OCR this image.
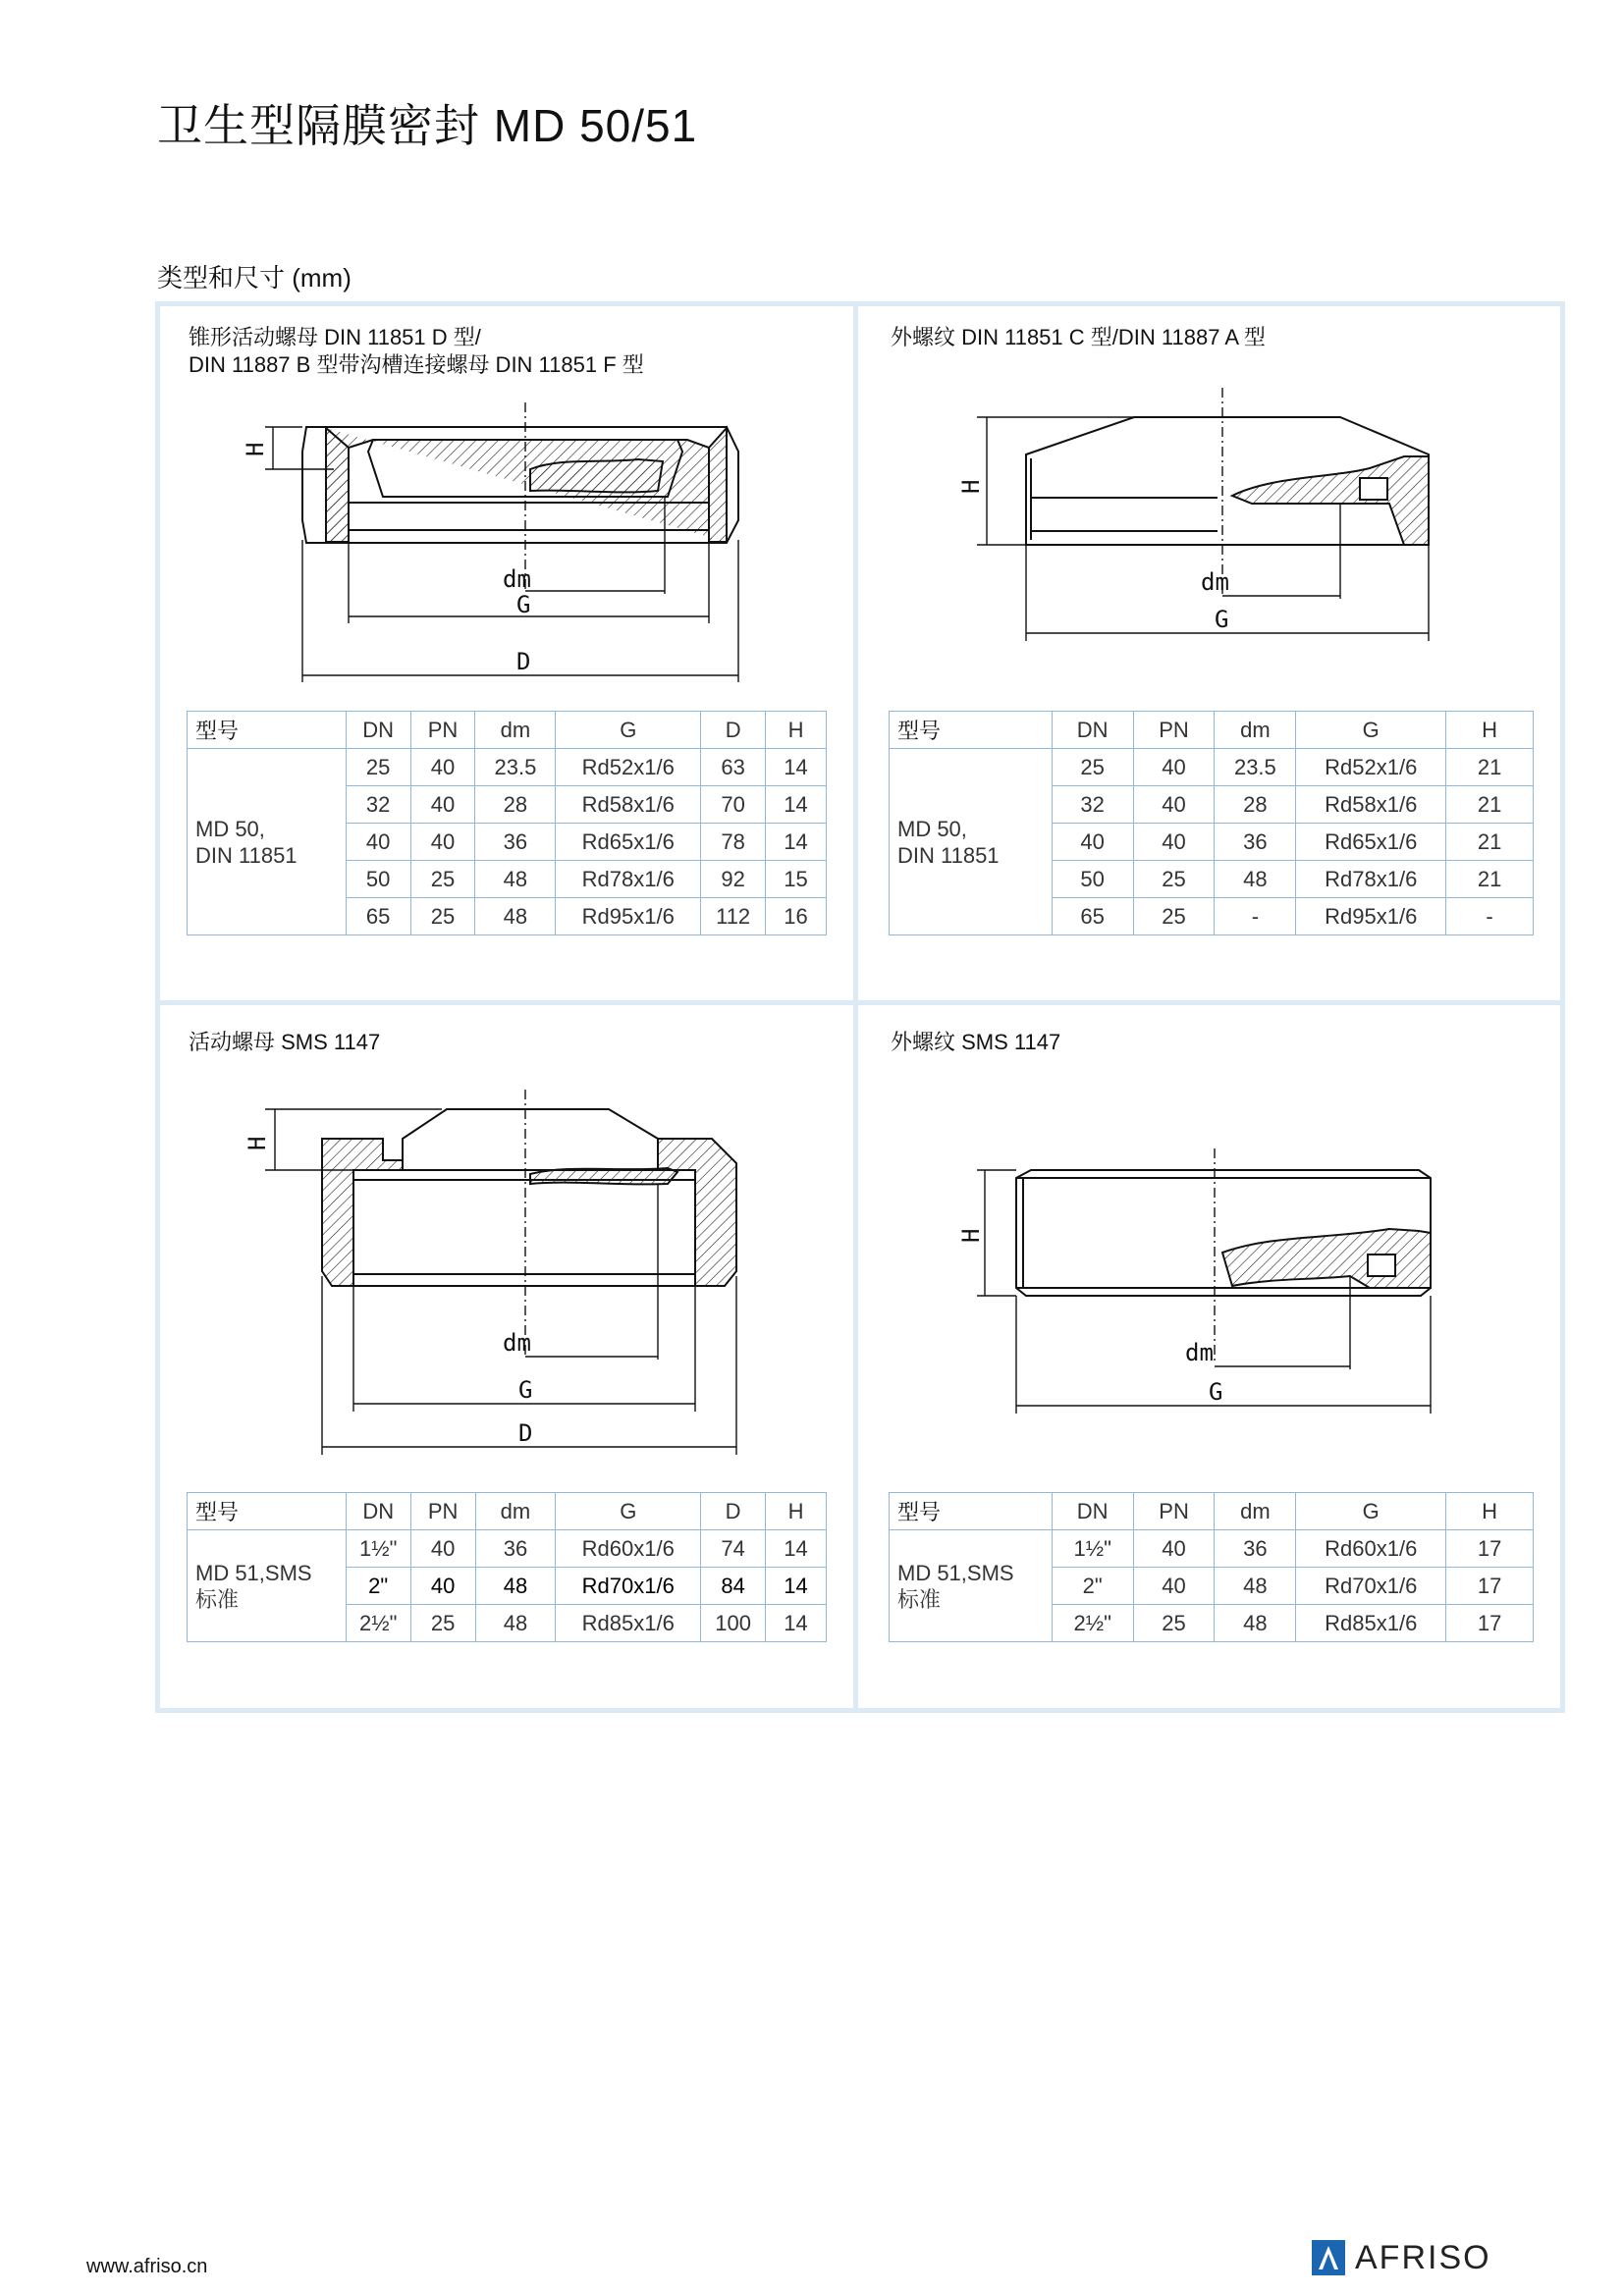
卫生型隔膜密封 MD 50/51
类型和尺寸 (mm)
锥形活动螺母 DIN 11851 D 型/
DIN 11887 B 型带沟槽连接螺母 DIN 11851 F 型
H
dm
G
D
型号	DN	PN	dm	G	D	H
MD 50,
DIN 11851	25	40	23.5	Rd52x1/6	63	14
	32	40	28	Rd58x1/6	70	14
	40	40	36	Rd65x1/6	78	14
	50	25	48	Rd78x1/6	92	15
	65	25	48	Rd95x1/6	112	16
外螺纹 DIN 11851 C 型/DIN 11887 A 型
H
dm
G
型号	DN	PN	dm	G	H
MD 50,
DIN 11851	25	40	23.5	Rd52x1/6	21
	32	40	28	Rd58x1/6	21
	40	40	36	Rd65x1/6	21
	50	25	48	Rd78x1/6	21
	65	25	-	Rd95x1/6	-
活动螺母 SMS 1147
H
dm
G
D
型号	DN	PN	dm	G	D	H
MD 51,SMS
标准	1½"	40	36	Rd60x1/6	74	14
	2"	40	48	Rd70x1/6	84	14
	2½"	25	48	Rd85x1/6	100	14
外螺纹 SMS 1147
H
dm
G
型号	DN	PN	dm	G	H
MD 51,SMS
标准	1½"	40	36	Rd60x1/6	17
	2"	40	48	Rd70x1/6	17
	2½"	25	48	Rd85x1/6	17
www.afriso.cn	AFRISO
